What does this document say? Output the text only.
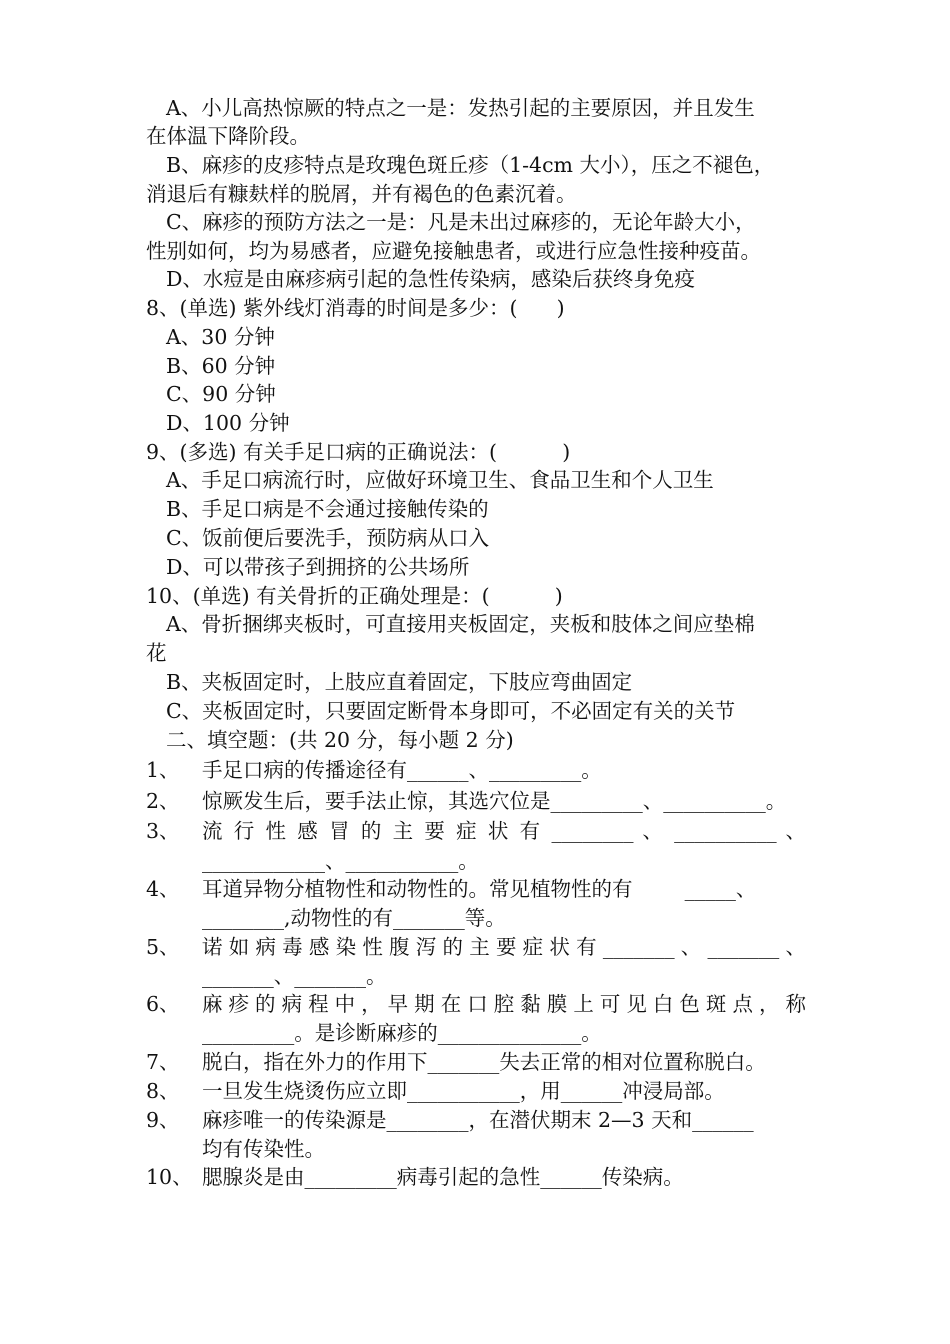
A、小儿高热惊厥的特点之一是：发热引起的主要原因，并且发生
在体温下降阶段。
B、麻疹的皮疹特点是玫瑰色斑丘疹（1-4cm 大小），压之不褪色，
消退后有糠麸样的脱屑，并有褐色的色素沉着。
C、麻疹的预防方法之一是：凡是未出过麻疹的，无论年龄大小，
性别如何，均为易感者，应避免接触患者，或进行应急性接种疫苗。
D、水痘是由麻疹病引起的急性传染病，感染后获终身免疫
8、(单选) 紫外线灯消毒的时间是多少：(      )
A、30 分钟
B、60 分钟
C、90 分钟
D、100 分钟
9、(多选) 有关手足口病的正确说法：(          )
A、手足口病流行时，应做好环境卫生、食品卫生和个人卫生
B、手足口病是不会通过接触传染的
C、饭前便后要洗手，预防病从口入
D、可以带孩子到拥挤的公共场所
10、(单选) 有关骨折的正确处理是：(          )
A、骨折捆绑夹板时，可直接用夹板固定，夹板和肢体之间应垫棉
花
B、夹板固定时，上肢应直着固定，下肢应弯曲固定
C、夹板固定时，只要固定断骨本身即可，不必固定有关的关节
二、填空题：(共 20 分，每小题 2 分)
1、 手足口病的传播途径有______、_________。
2、 惊厥发生后，要手法止惊，其选穴位是_________、__________。
3、 流 行 性 感 冒 的 主 要 症 状 有 ________ 、 __________ 、
____________、___________。
4、 耳道异物分植物性和动物性的。常见植物性的有        _____、
________,动物性的有_______等。
5、 诺如病毒感染性腹泻的主要症状有_______、_______、
_______、_______。
6、 麻疹的病程中，早期在口腔黏膜上可见白色斑点，称
_________。是诊断麻疹的______________。
7、 脱白，指在外力的作用下_______失去正常的相对位置称脱白。
8、 一旦发生烧烫伤应立即___________，用______冲浸局部。
9、 麻疹唯一的传染源是________，在潜伏期末 2—3 天和______
均有传染性。
10、 腮腺炎是由_________病毒引起的急性______传染病。
